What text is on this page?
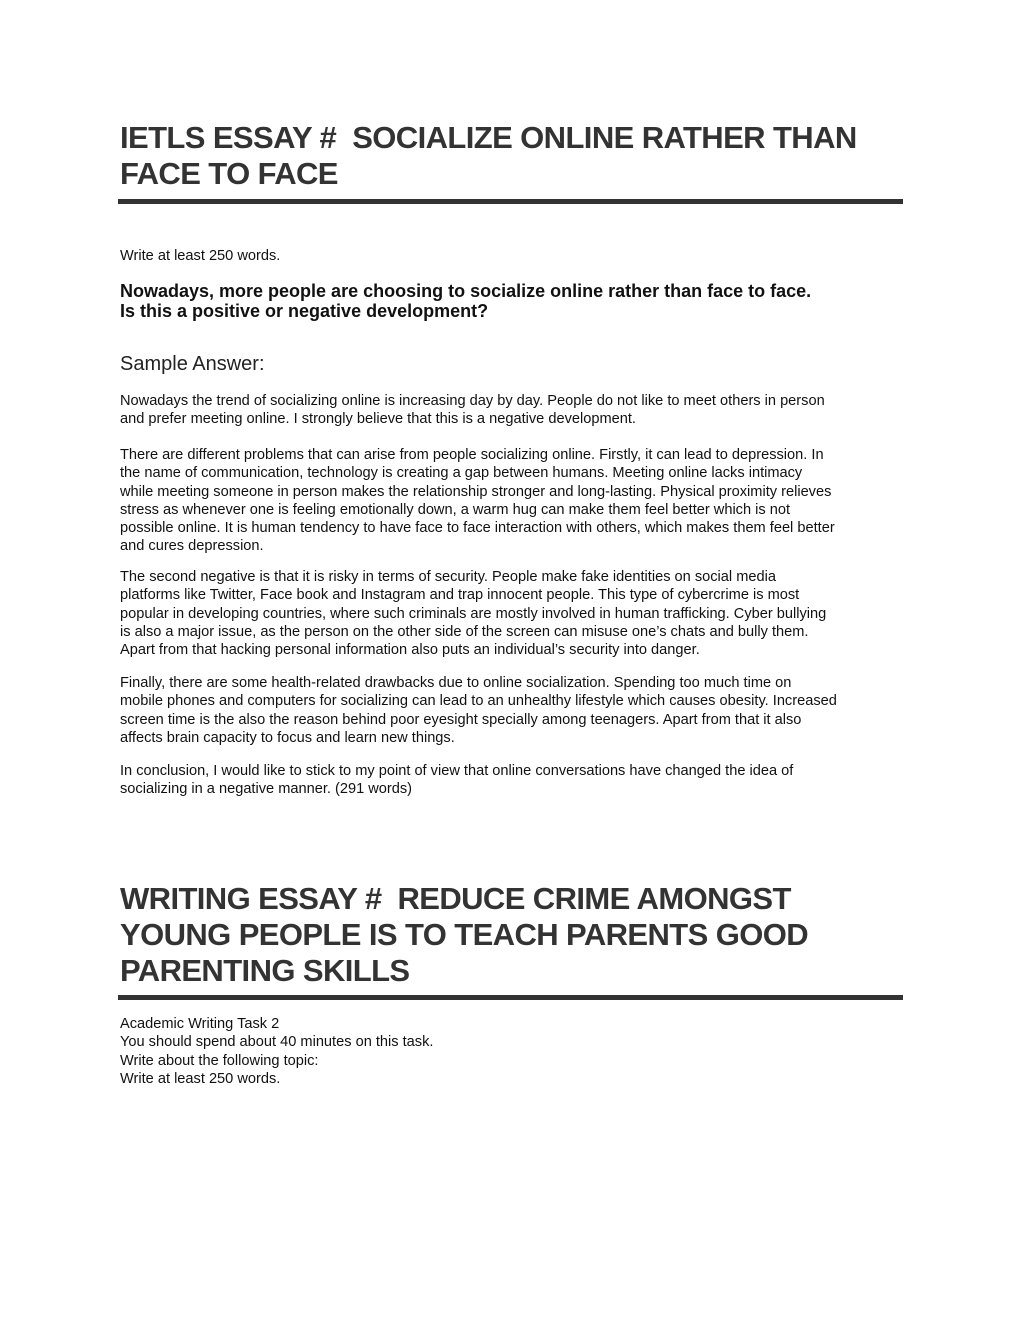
IETLS ESSAY #  SOCIALIZE ONLINE RATHER THAN
FACE TO FACE
Write at least 250 words.
Nowadays, more people are choosing to socialize online rather than face to face.
Is this a positive or negative development?
Sample Answer:
Nowadays the trend of socializing online is increasing day by day. People do not like to meet others in person
and prefer meeting online. I strongly believe that this is a negative development.
There are different problems that can arise from people socializing online. Firstly, it can lead to depression. In
the name of communication, technology is creating a gap between humans. Meeting online lacks intimacy
while meeting someone in person makes the relationship stronger and long-lasting. Physical proximity relieves
stress as whenever one is feeling emotionally down, a warm hug can make them feel better which is not
possible online. It is human tendency to have face to face interaction with others, which makes them feel better
and cures depression.
The second negative is that it is risky in terms of security. People make fake identities on social media
platforms like Twitter, Face book and Instagram and trap innocent people. This type of cybercrime is most
popular in developing countries, where such criminals are mostly involved in human trafficking. Cyber bullying
is also a major issue, as the person on the other side of the screen can misuse one’s chats and bully them.
Apart from that hacking personal information also puts an individual’s security into danger.
Finally, there are some health-related drawbacks due to online socialization. Spending too much time on
mobile phones and computers for socializing can lead to an unhealthy lifestyle which causes obesity. Increased
screen time is the also the reason behind poor eyesight specially among teenagers. Apart from that it also
affects brain capacity to focus and learn new things.
In conclusion, I would like to stick to my point of view that online conversations have changed the idea of
socializing in a negative manner. (291 words)
WRITING ESSAY #  REDUCE CRIME AMONGST
YOUNG PEOPLE IS TO TEACH PARENTS GOOD
PARENTING SKILLS
Academic Writing Task 2
You should spend about 40 minutes on this task.
Write about the following topic:
Write at least 250 words.
